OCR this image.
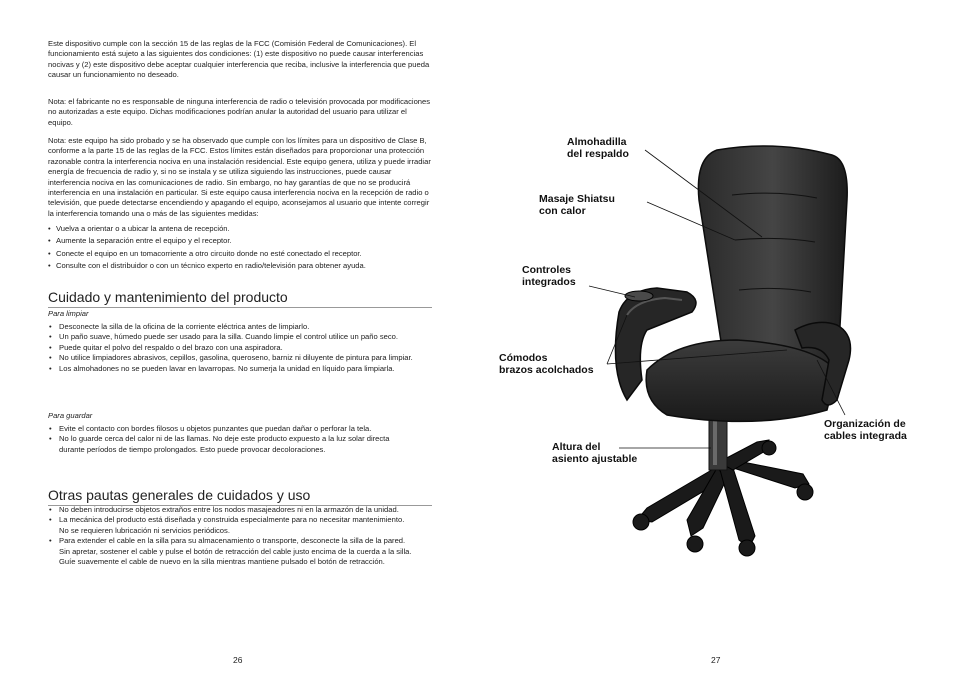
Este dispositivo cumple con la sección 15 de las reglas de la FCC (Comisión Federal de Comunicaciones). El funcionamiento está sujeto a las siguientes dos condiciones: (1) este dispositivo no puede causar interferencias nocivas y (2) este dispositivo debe aceptar cualquier interferencia que reciba, inclusive la interferencia que pueda causar un funcionamiento no deseado.

Nota: el fabricante no es responsable de ninguna interferencia de radio o televisión provocada por modificaciones no autorizadas a este equipo. Dichas modificaciones podrían anular la autoridad del usuario para utilizar el equipo.

Nota: este equipo ha sido probado y se ha observado que cumple con los límites para un dispositivo de Clase B, conforme a la parte 15 de las reglas de la FCC. Estos límites están diseñados para proporcionar una protección razonable contra la interferencia nociva en una instalación residencial. Este equipo genera, utiliza y puede irradiar energía de frecuencia de radio y, si no se instala y se utiliza siguiendo las instrucciones, puede causar interferencia nociva en las comunicaciones de radio. Sin embargo, no hay garantías de que no se producirá interferencia en una instalación en particular. Si este equipo causa interferencia nociva en la recepción de radio o televisión, que puede detectarse encendiendo y apagando el equipo, aconsejamos al usuario que intente corregir la interferencia tomando una o más de las siguientes medidas:

• Vuelva a orientar o a ubicar la antena de recepción.
• Aumente la separación entre el equipo y el receptor.
• Conecte el equipo en un tomacorriente a otro circuito donde no esté conectado el receptor.
• Consulte con el distribuidor o con un técnico experto en radio/televisión para obtener ayuda.
Cuidado y mantenimiento del producto

Para limpiar

• Desconecte la silla de la oficina de la corriente eléctrica antes de limpiarlo.
• Un paño suave, húmedo puede ser usado para la silla. Cuando limpie el control utilice un paño seco.
• Puede quitar el polvo del respaldo o del brazo con una aspiradora.
• No utilice limpiadores abrasivos, cepillos, gasolina, queroseno, barniz ni diluyente de pintura para limpiar.
• Los almohadones no se pueden lavar en lavarropas. No sumerja la unidad en líquido para limpiarla.

Para guardar

• Evite el contacto con bordes filosos u objetos punzantes que puedan dañar o perforar la tela.
• No lo guarde cerca del calor ni de las llamas. No deje este producto expuesto a la luz solar directa durante períodos de tiempo prolongados. Esto puede provocar decoloraciones.
Otras pautas generales de cuidados y uso
• No deben introducirse objetos extraños entre los nodos masajeadores ni en la armazón de la unidad.
• La mecánica del producto está diseñada y construida especialmente para no necesitar mantenimiento. No se requieren lubricación ni servicios periódicos.
• Para extender el cable en la silla para su almacenamiento o transporte, desconecte la silla de la pared. Sin apretar, sostener el cable y pulse el botón de retracción del cable justo encima de la cuerda a la silla. Guíe suavemente el cable de nuevo en la silla mientras mantiene pulsado el botón de retracción.
26
Almohadilla
del respaldo
Masaje Shiatsu
con calor
Controles
integrados
Cómodos
brazos acolchados
Organización de
cables integrada
Altura del
asiento ajustable
27
